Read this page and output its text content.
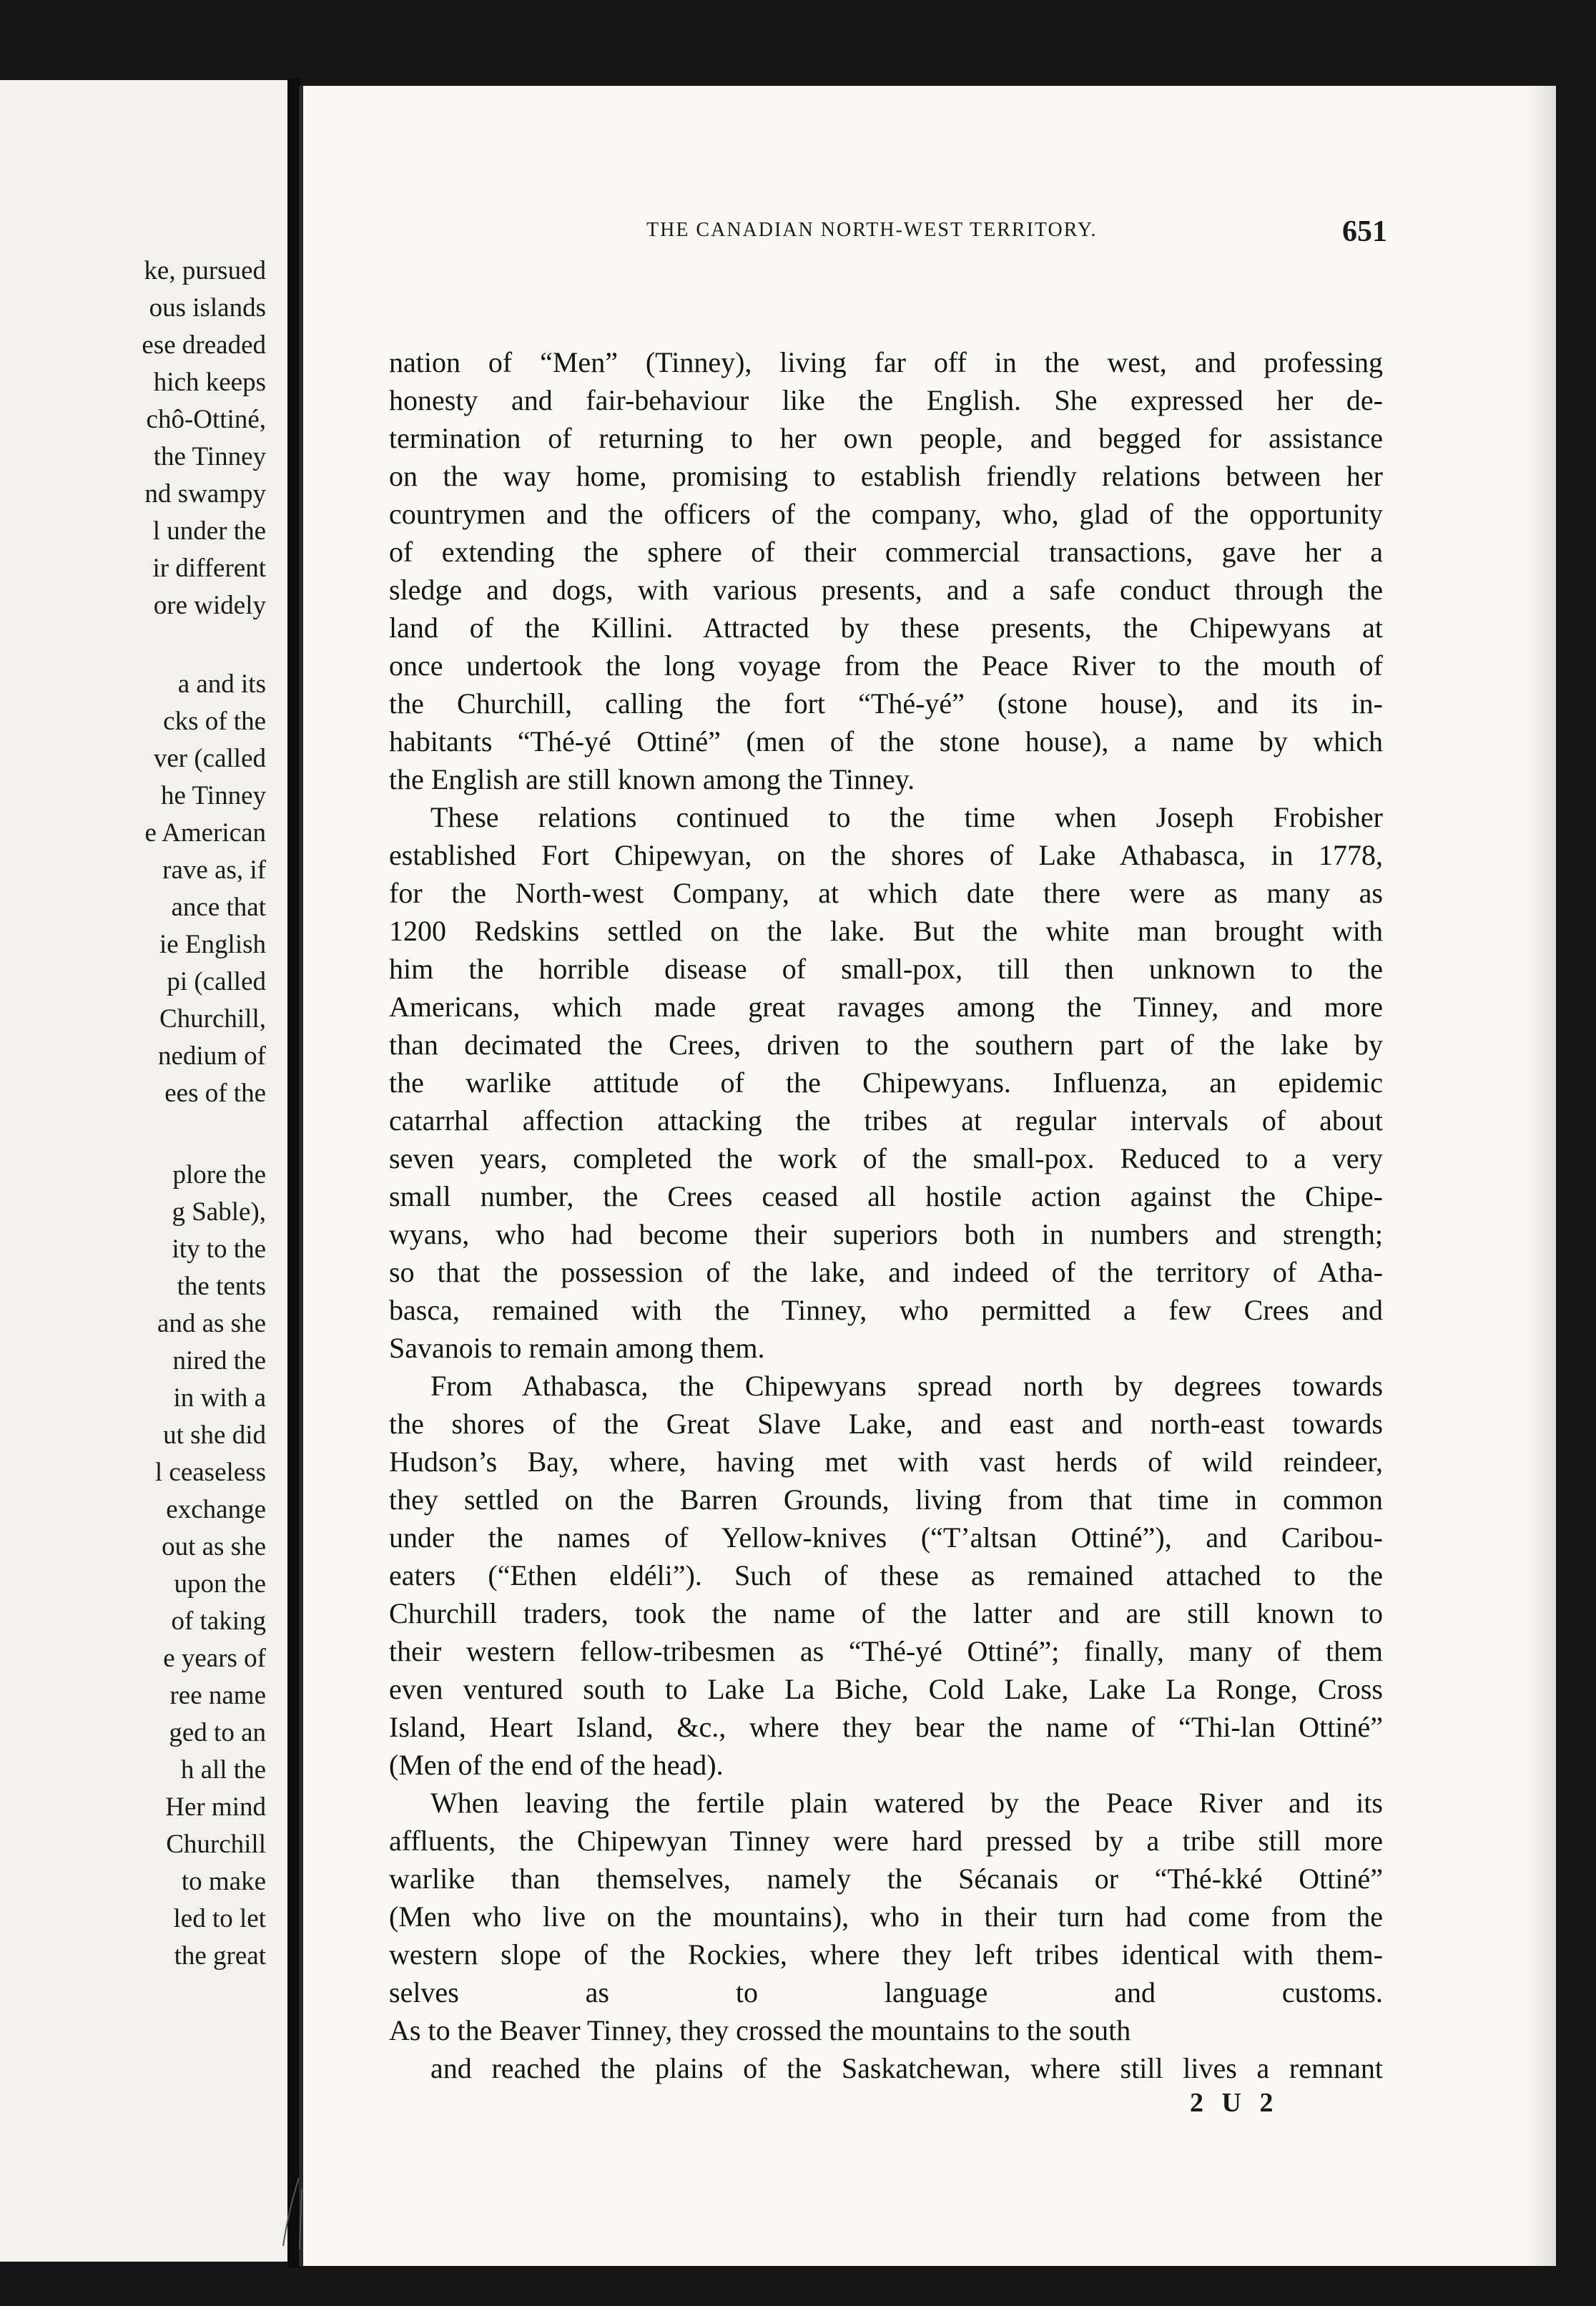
ke, pursued

ous islands

ese dreaded

hich keeps

chô-Ottiné,

the Tinney

nd swampy

l under the

ir different

ore widely

a and its

cks of the

ver (called

he Tinney

e American

rave as, if

ance that

ie English

pi (called

Churchill,

nedium of

ees of the

plore the

g Sable),

ity to the

the tents

and as she

nired the

in with a

ut she did

l ceaseless

exchange

out as she

upon the

of taking

e years of

ree name

ged to an

h all the

Her mind

Churchill

to make

led to let

the great

THE CANADIAN NORTH-WEST TERRITORY.	651

nation of “Men” (Tinney), living far off in the west, and professing

honesty and fair-behaviour like the English. She expressed her de-

termination of returning to her own people, and begged for assistance

on the way home, promising to establish friendly relations between her

countrymen and the officers of the company, who, glad of the opportunity

of extending the sphere of their commercial transactions, gave her a

sledge and dogs, with various presents, and a safe conduct through the

land of the Killini. Attracted by these presents, the Chipewyans at

once undertook the long voyage from the Peace River to the mouth of

the Churchill, calling the fort “Thé-yé” (stone house), and its in-

habitants “Thé-yé Ottiné” (men of the stone house), a name by which

the English are still known among the Tinney.

These relations continued to the time when Joseph Frobisher

established Fort Chipewyan, on the shores of Lake Athabasca, in 1778,

for the North-west Company, at which date there were as many as

1200 Redskins settled on the lake. But the white man brought with

him the horrible disease of small-pox, till then unknown to the

Americans, which made great ravages among the Tinney, and more

than decimated the Crees, driven to the southern part of the lake by

the warlike attitude of the Chipewyans. Influenza, an epidemic

catarrhal affection attacking the tribes at regular intervals of about

seven years, completed the work of the small-pox. Reduced to a very

small number, the Crees ceased all hostile action against the Chipe-

wyans, who had become their superiors both in numbers and strength;

so that the possession of the lake, and indeed of the territory of Atha-

basca, remained with the Tinney, who permitted a few Crees and

Savanois to remain among them.

From Athabasca, the Chipewyans spread north by degrees towards

the shores of the Great Slave Lake, and east and north-east towards

Hudson’s Bay, where, having met with vast herds of wild reindeer,

they settled on the Barren Grounds, living from that time in common

under the names of Yellow-knives (“T’altsan Ottiné”), and Caribou-

eaters (“Ethen eldéli”). Such of these as remained attached to the

Churchill traders, took the name of the latter and are still known to

their western fellow-tribesmen as “Thé-yé Ottiné”; finally, many of them

even ventured south to Lake La Biche, Cold Lake, Lake La Ronge, Cross

Island, Heart Island, &c., where they bear the name of “Thi-lan Ottiné”

(Men of the end of the head).

When leaving the fertile plain watered by the Peace River and its

affluents, the Chipewyan Tinney were hard pressed by a tribe still more

warlike than themselves, namely the Sécanais or “Thé-kké Ottiné”

(Men who live on the mountains), who in their turn had come from the

western slope of the Rockies, where they left tribes identical with them-

selves as to language and customs.

As to the Beaver Tinney, they crossed the mountains to the south

and reached the plains of the Saskatchewan, where still lives a remnant

2 U 2
